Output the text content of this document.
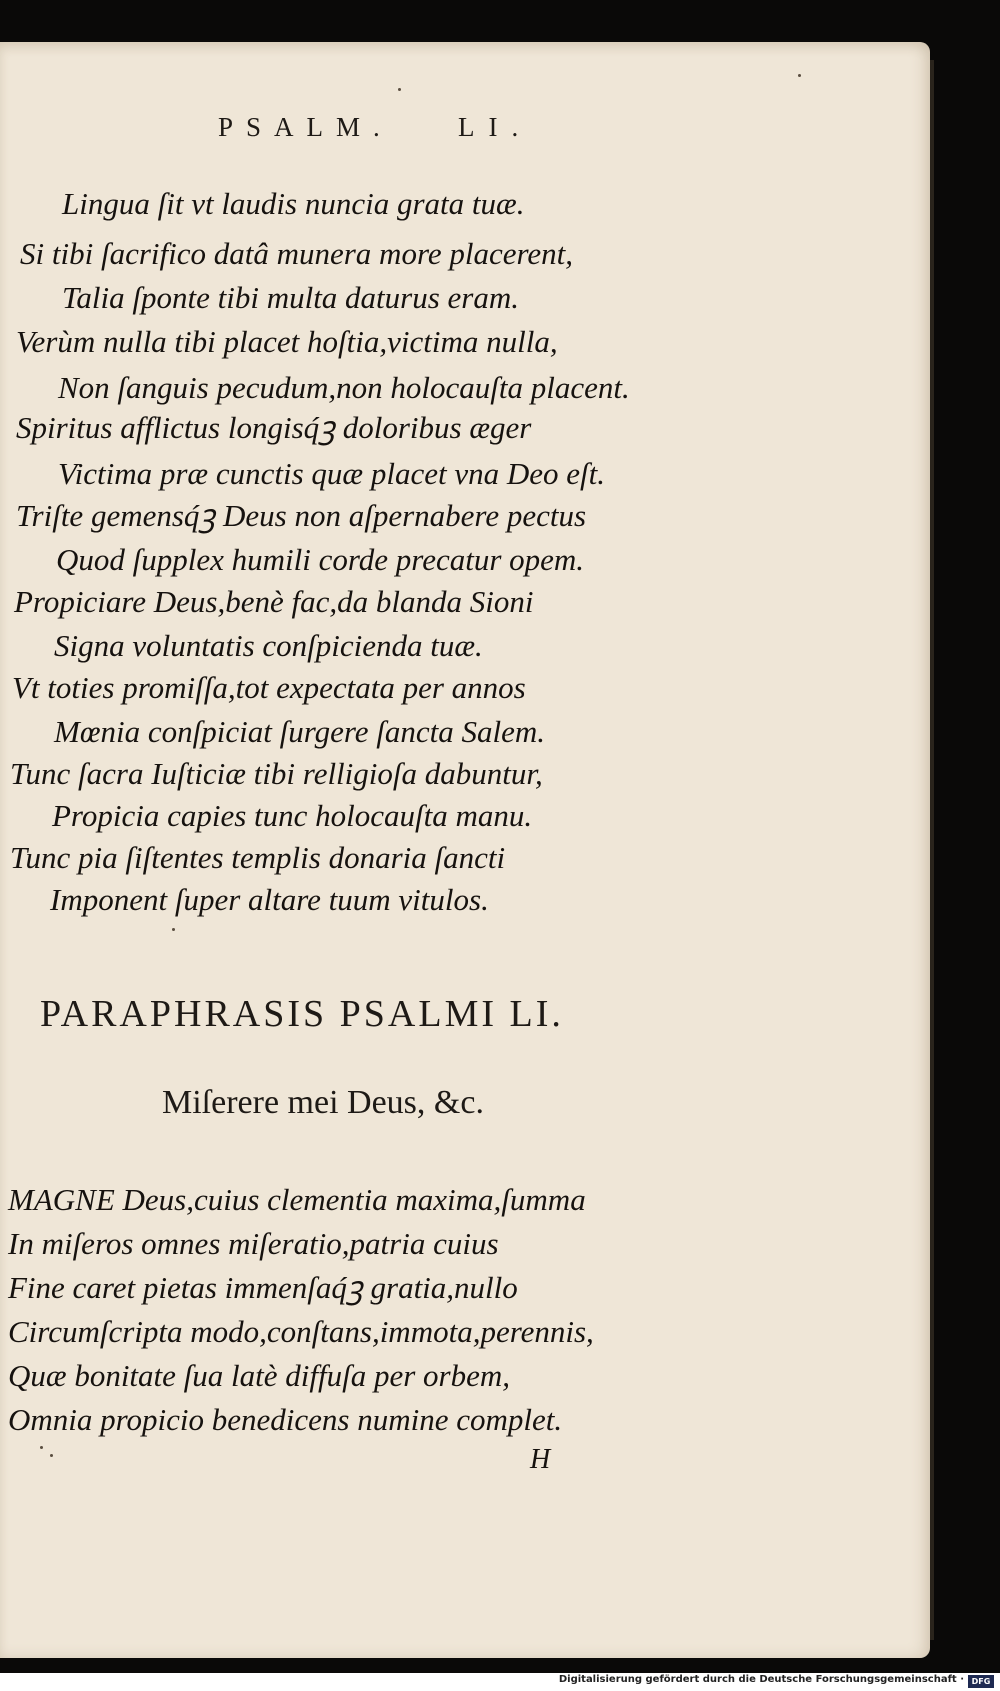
PSALM. LI.
Lingua ſit vt laudis nuncia grata tuæ.
Si tibi ſacrifico datâ munera more placerent,
Talia ſponte tibi multa daturus eram.
Verùm nulla tibi placet hoſtia,victima nulla,
Non ſanguis pecudum,non holocauſta placent.
Spiritus afflictus longisq́ꝫ doloribus æger
Victima præ cunctis quæ placet vna Deo eſt.
Triſte gemensq́ꝫ Deus non aſpernabere pectus
Quod ſupplex humili corde precatur opem.
Propiciare Deus,benè fac,da blanda Sioni
Signa voluntatis conſpicienda tuæ.
Vt toties promiſſa,tot expectata per annos
Mœnia conſpiciat ſurgere ſancta Salem.
Tunc ſacra Iuſticiæ tibi relligioſa dabuntur,
Propicia capies tunc holocauſta manu.
Tunc pia ſiſtentes templis donaria ſancti
Imponent ſuper altare tuum vitulos.
PARAPHRASIS PSALMI LI.
Miſerere mei Deus, &c.
MAGNE Deus,cuius clementia maxima,ſumma
In miſeros omnes miſeratio,patria cuius
Fine caret pietas immenſaq́ꝫ gratia,nullo
Circumſcripta modo,conſtans,immota,perennis,
Quæ bonitate ſua latè diffuſa per orbem,
Omnia propicio benedicens numine complet.
H
Digitalisierung gefördert durch die Deutsche Forschungsgemeinschaft · DFG
